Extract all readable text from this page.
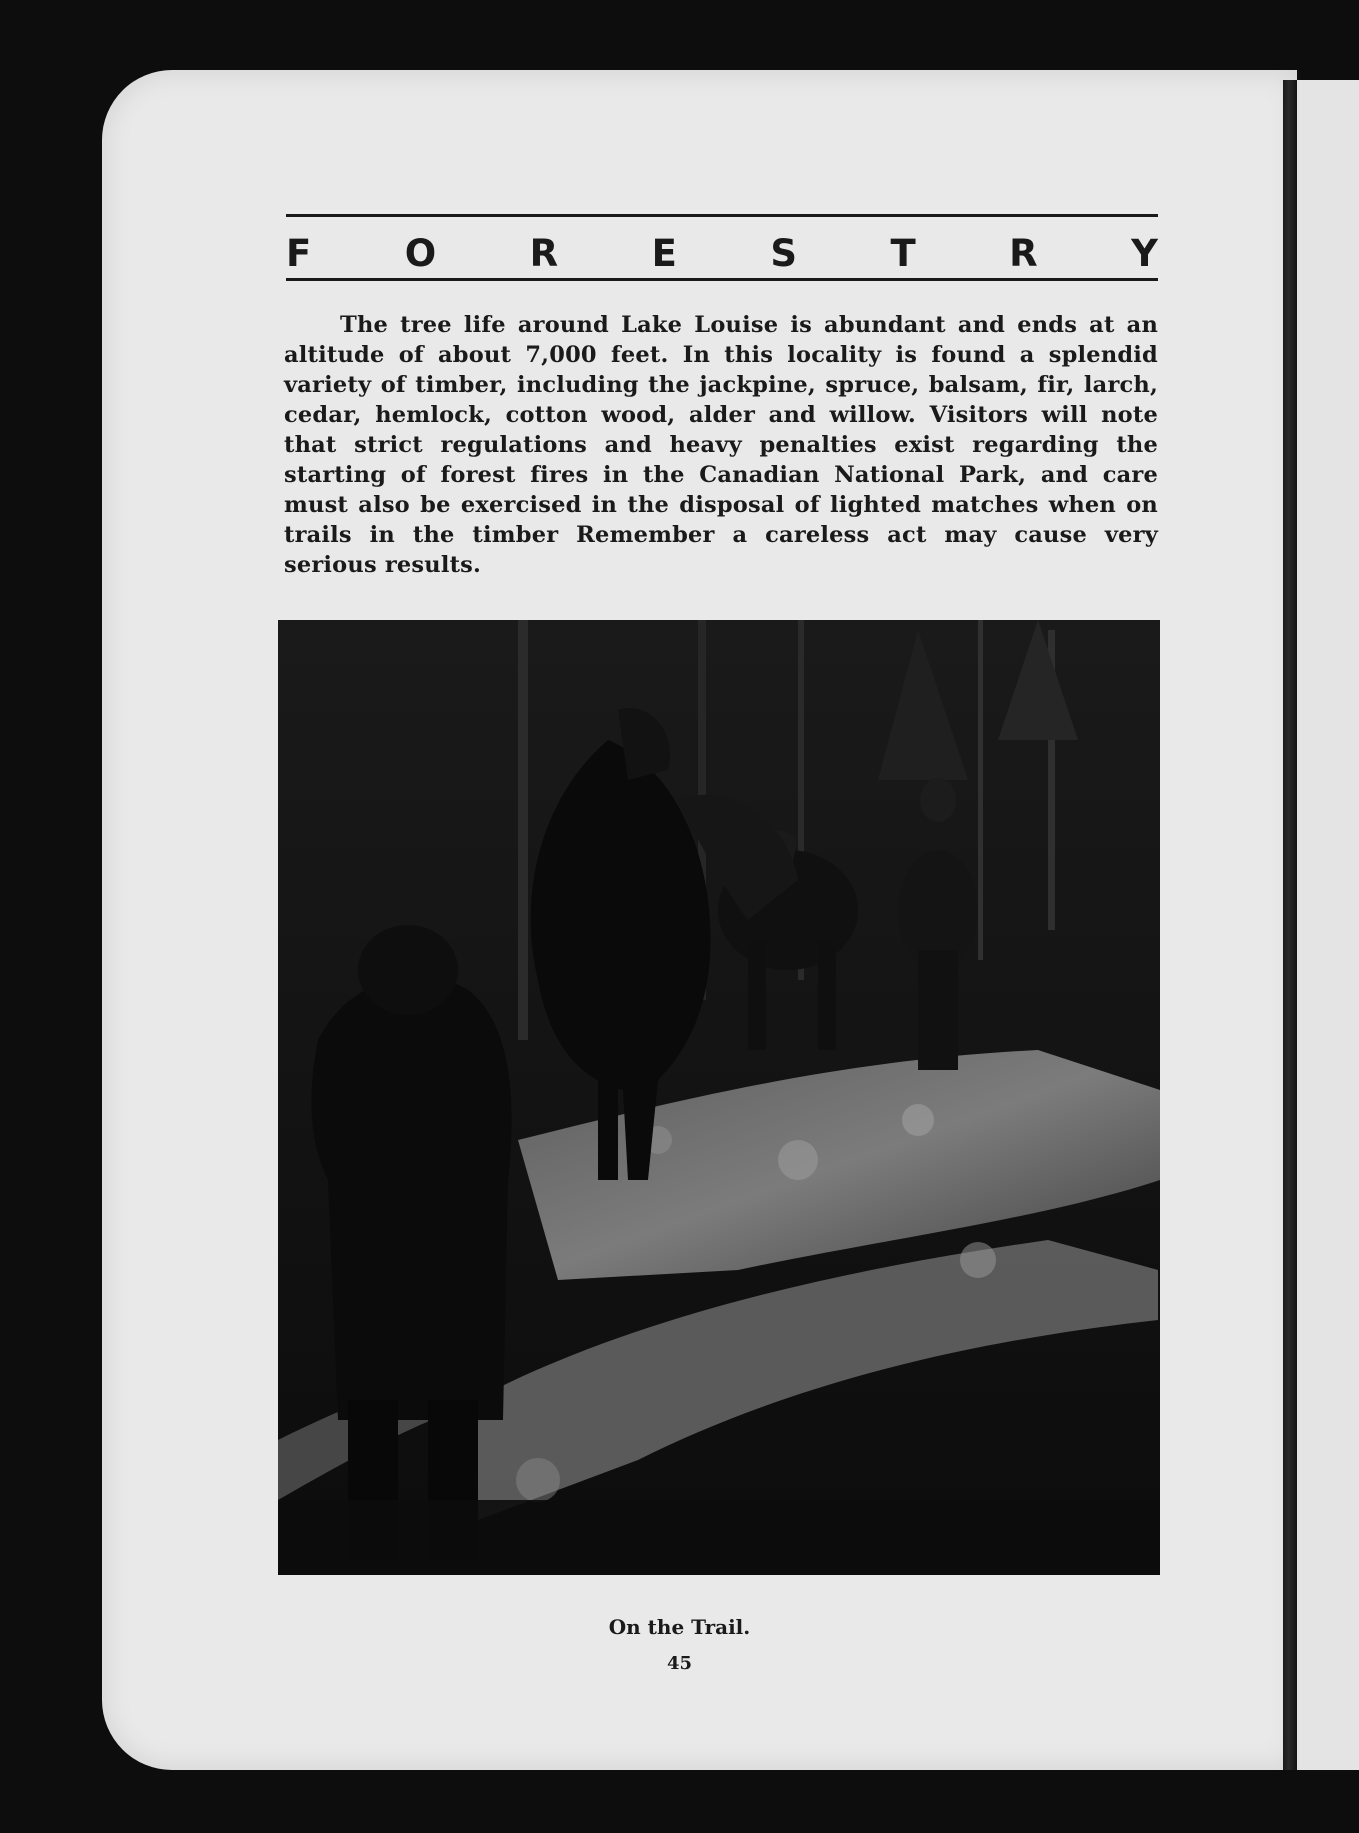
F	O	R	E	S	T	R	Y

The tree life around Lake Louise is abundant and ends at an altitude of about 7,000 feet. In this locality is found a splendid variety of timber, including the jackpine, spruce, balsam, fir, larch, cedar, hemlock, cotton wood, alder and willow. Visitors will note that strict regulations and heavy penalties exist regarding the starting of forest fires in the Canadian National Park, and care must also be exercised in the disposal of lighted matches when on trails in the timber Remember a careless act may cause very serious results.

On the Trail.
45
